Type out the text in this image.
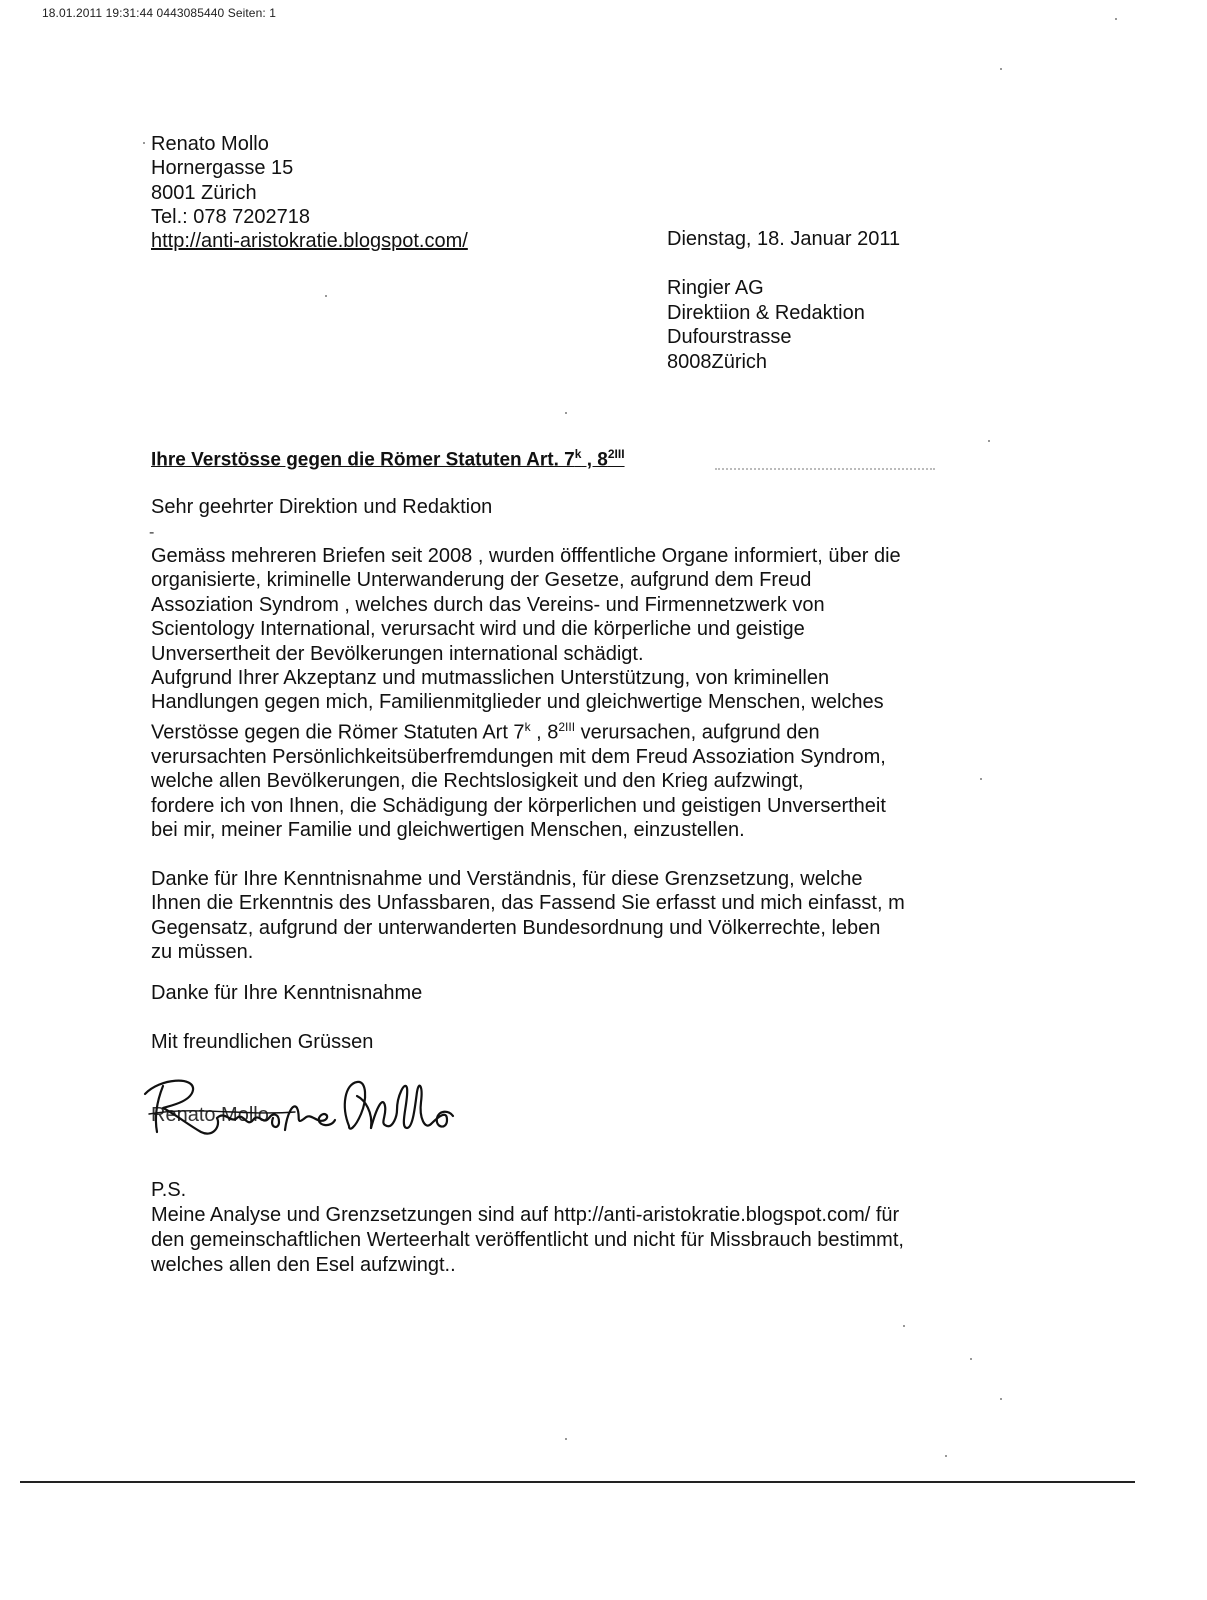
18.01.2011 19:31:44 0443085440 Seiten: 1
Renato Mollo
Hornergasse 15
8001 Zürich
Tel.: 078 7202718
http://anti-aristokratie.blogspot.com/	Dienstag, 18. Januar 2011
Ringier AG
Direktiion & Redaktion
Dufourstrasse
8008Zürich
Ihre Verstösse gegen die Römer Statuten Art. 7$^k$ , $8^{2III}$
Sehr geehrter Direktion und Redaktion
-
Gemäss mehreren Briefen seit 2008 , wurden öfffentliche Organe informiert, über die
organisierte, kriminelle Unterwanderung der Gesetze, aufgrund dem Freud
Assoziation Syndrom , welches durch das Vereins- und Firmennetzwerk von
Scientology International, verursacht wird und die körperliche und geistige
Unversertheit der Bevölkerungen international schädigt.
Aufgrund Ihrer Akzeptanz und mutmasslichen Unterstützung, von kriminellen
Handlungen gegen mich, Familienmitglieder und gleichwertige Menschen, welches
Verstösse gegen die Römer Statuten Art 7$^k$ , $8^{2III}$ verursachen, aufgrund den
verursachten Persönlichkeitsüberfremdungen mit dem Freud Assoziation Syndrom,
welche allen Bevölkerungen, die Rechtslosigkeit und den Krieg aufzwingt,
fordere ich von Ihnen, die Schädigung der körperlichen und geistigen Unversertheit
bei mir, meiner Familie und gleichwertigen Menschen, einzustellen.
Danke für Ihre Kenntnisnahme und Verständnis, für diese Grenzsetzung, welche
Ihnen die Erkenntnis des Unfassbaren, das Fassend Sie erfasst und mich einfasst, m
Gegensatz, aufgrund der unterwanderten Bundesordnung und Völkerrechte, leben
zu müssen.
Danke für Ihre Kenntnisnahme
Mit freundlichen Grüssen
Renato Mollo
P.S.
Meine Analyse und Grenzsetzungen sind auf http://anti-aristokratie.blogspot.com/ für
den gemeinschaftlichen Werteerhalt veröffentlicht und nicht für Missbrauch bestimmt,
welches allen den Esel aufzwingt..
